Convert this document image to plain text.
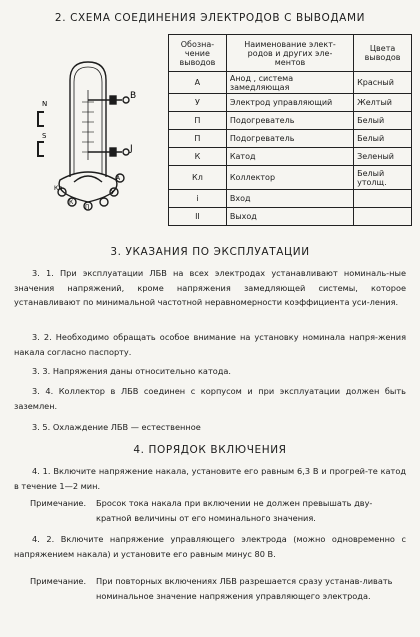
2. СХЕМА СОЕДИНЕНИЯ ЭЛЕКТРОДОВ С ВЫВОДАМИ
В
Ј
N
S
А
Кл
К
П
У
Обозна-
чение
выводов	Наименование элект-
родов и других эле-
ментов	Цвета
выводов
А	Анод , система
замедляющая	Красный
У	Электрод управляющий	Желтый
П	Подогреватель	Белый
П	Подогреватель	Белый
К	Катод	Зеленый
Кл	Коллектор	Белый
утолщ.
i	Вход	
II	Выход	
3. УКАЗАНИЯ ПО ЭКСПЛУАТАЦИИ

3. 1. При эксплуатации ЛБВ на всех электродах устанавливают номиналь-ные значения напряжений, кроме напряжения замедляющей системы, которое устанавливают по минимальной частотной неравномерности коэффициента уси-ления.

3. 2. Необходимо обращать особое внимание на установку номинала напря-жения накала согласно паспорту.

3. 3. Напряжения даны относительно катода.

3. 4. Коллектор в ЛБВ соединен с корпусом и при эксплуатации должен быть заземлен.

3. 5. Охлаждение ЛБВ — естественное

4. ПОРЯДОК ВКЛЮЧЕНИЯ

4. 1. Включите напряжение накала, установите его равным 6,3 В и прогрей-те катод в течение 1—2 мин.

Примечание. Бросок тока накала при включении не должен превышать дву-кратной величины от его номинального значения.

4. 2. Включите напряжение управляющего электрода (можно одновременно с напряжением накала) и установите его равным минус 80 В.

Примечание. При повторных включениях ЛБВ разрешается сразу устанав-ливать номинальное значение напряжения управляющего электрода.
